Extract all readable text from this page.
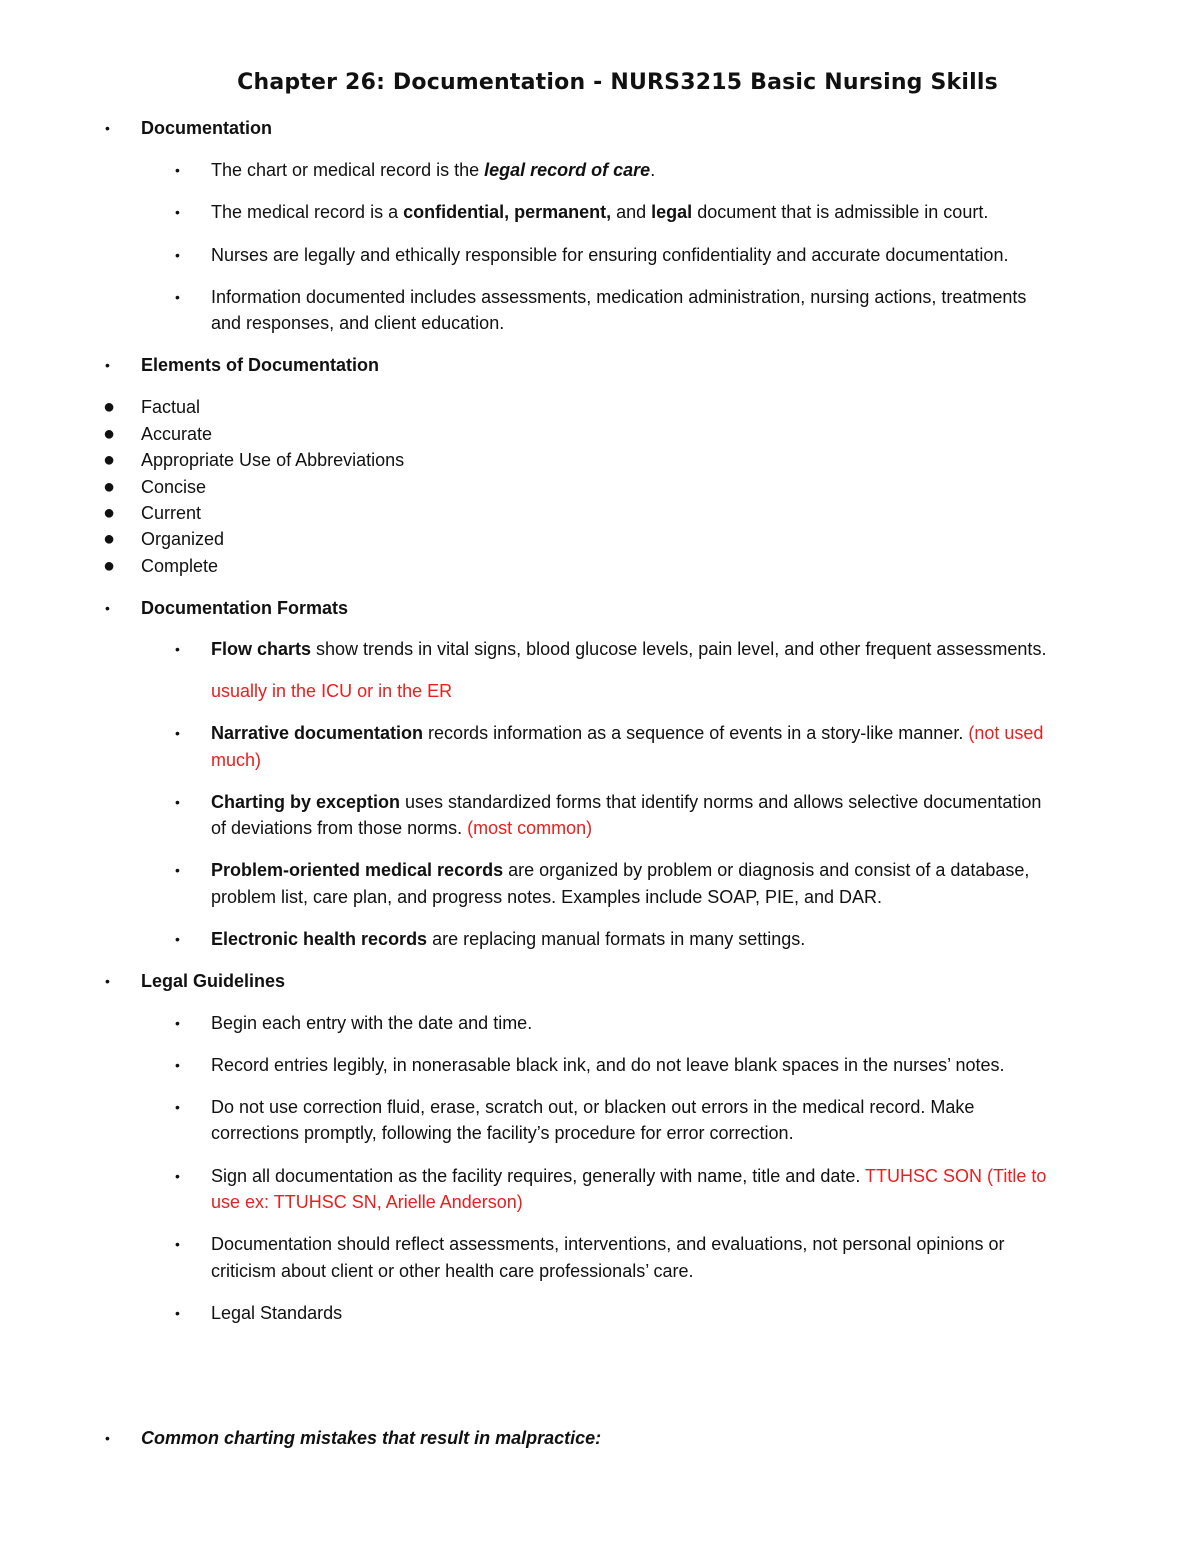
Chapter 26: Documentation - NURS3215 Basic Nursing Skills
• Documentation
• The chart or medical record is the legal record of care.
• The medical record is a confidential, permanent, and legal document that is admissible in court.
• Nurses are legally and ethically responsible for ensuring confidentiality and accurate documentation.
• Information documented includes assessments, medication administration, nursing actions, treatments
and responses, and client education.
• Elements of Documentation
● Factual
● Accurate
● Appropriate Use of Abbreviations
● Concise
● Current
● Organized
● Complete
• Documentation Formats
• Flow charts show trends in vital signs, blood glucose levels, pain level, and other frequent assessments.
usually in the ICU or in the ER
• Narrative documentation records information as a sequence of events in a story-like manner. (not used
much)
• Charting by exception uses standardized forms that identify norms and allows selective documentation
of deviations from those norms. (most common)
• Problem-oriented medical records are organized by problem or diagnosis and consist of a database,
problem list, care plan, and progress notes. Examples include SOAP, PIE, and DAR.
• Electronic health records are replacing manual formats in many settings.
• Legal Guidelines
• Begin each entry with the date and time.
• Record entries legibly, in nonerasable black ink, and do not leave blank spaces in the nurses’ notes.
• Do not use correction fluid, erase, scratch out, or blacken out errors in the medical record. Make
corrections promptly, following the facility’s procedure for error correction.
• Sign all documentation as the facility requires, generally with name, title and date. TTUHSC SON (Title to
use ex: TTUHSC SN, Arielle Anderson)
• Documentation should reflect assessments, interventions, and evaluations, not personal opinions or
criticism about client or other health care professionals’ care.
• Legal Standards
• Common charting mistakes that result in malpractice:
